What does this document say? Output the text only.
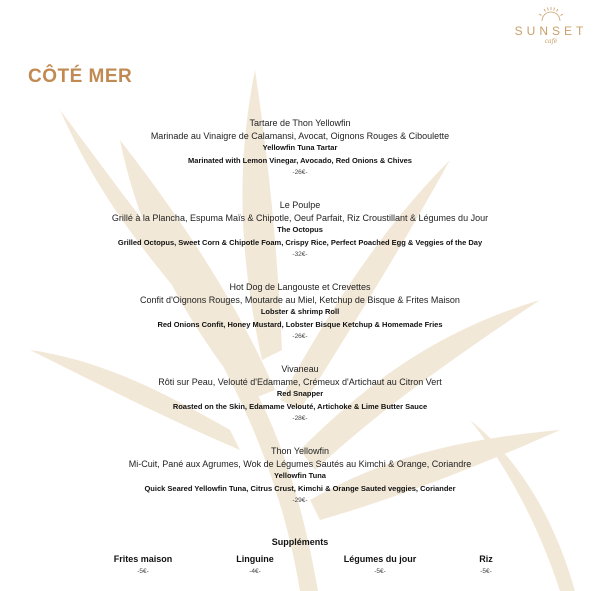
SUNSET
café
CÔTÉ MER
Tartare de Thon Yellowfin
Marinade au Vinaigre de Calamansi, Avocat, Oignons Rouges & Ciboulette
Yellowfin Tuna Tartar
Marinated with Lemon Vinegar, Avocado, Red Onions & Chives
-26€-
Le Poulpe
Grillé à la Plancha, Espuma Maïs & Chipotle, Oeuf Parfait, Riz Croustillant & Légumes du Jour
The Octopus
Grilled Octopus, Sweet Corn & Chipotle Foam, Crispy Rice, Perfect Poached Egg & Veggies of the Day
-32€-
Hot Dog de Langouste et Crevettes
Confit d'Oignons Rouges, Moutarde au Miel, Ketchup de Bisque & Frites Maison
Lobster & shrimp Roll
Red Onions Confit, Honey Mustard, Lobster Bisque Ketchup & Homemade Fries
-26€-
Vivaneau
Rôti sur Peau, Velouté d'Edamame, Crémeux d'Artichaut au Citron Vert
Red Snapper
Roasted on the Skin, Edamame Velouté, Artichoke & Lime Butter Sauce
-28€-
Thon Yellowfin
Mi-Cuit, Pané aux Agrumes, Wok de Légumes Sautés au Kimchi & Orange, Coriandre
Yellowfin Tuna
Quick Seared Yellowfin Tuna, Citrus Crust, Kimchi & Orange Sauted veggies, Coriander
-29€-
Suppléments
Frites maison
-5€-
Linguine
-4€-
Légumes du jour
-5€-
Riz
-5€-
